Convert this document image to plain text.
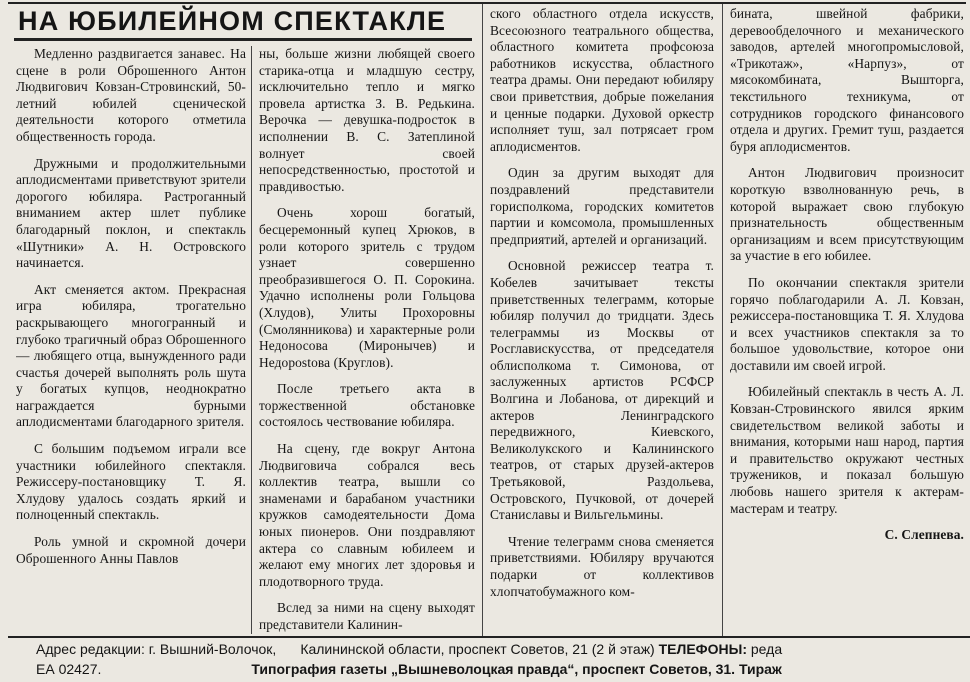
НА ЮБИЛЕЙНОМ СПЕКТАКЛЕ

Медленно раздвигается занавес. На сцене в роли Оброшенного Антон Людвигович Ковзан-Стровинский, 50-летний юбилей сценической деятельности которого отметила общественность города.

Дружными и продолжительными аплодисментами приветствуют зрители дорогого юбиляра. Растроганный вниманием актер шлет публике благодарный поклон, и спектакль «Шутники» А. Н. Островского начинается.

Акт сменяется актом. Прекрасная игра юбиляра, трогательно раскрывающего многогранный и глубоко трагичный образ Оброшенного — любящего отца, вынужденного ради счастья дочерей выполнять роль шута у богатых купцов, неоднократно награждается бурными аплодисментами благодарного зрителя.

С большим подъемом играли все участники юбилейного спектакля. Режиссеру-постановщику Т. Я. Хлудову удалось создать яркий и полноценный спектакль.

Роль умной и скромной дочери Оброшенного Анны Павлов

ны, больше жизни любящей своего старика-отца и младшую сестру, исключительно тепло и мягко провела артистка З. В. Редькина. Верочка — девушка-подросток в исполнении В. С. Затеплиной волнует своей непосредственностью, простотой и правдивостью.

Очень хорош богатый, бесцеремонный купец Хрюков, в роли которого зритель с трудом узнает совершенно преобразившегося О. П. Сорокина. Удачно исполнены роли Гольцова (Хлудов), Улиты Прохоровны (Смолянникова) и характерные роли Недоносова (Миронычев) и Недорostова (Круглов).

После третьего акта в торжественной обстановке состоялось чествование юбиляра.

На сцену, где вокруг Антона Людвиговича собрался весь коллектив театра, вышли со знаменами и барабаном участники кружков самодеятельности Дома юных пионеров. Они поздравляют актера со славным юбилеем и желают ему многих лет здоровья и плодотворного труда.

Вслед за ними на сцену выходят представители Калинин-

ского областного отдела искусств, Всесоюзного театрального общества, областного комитета профсоюза работников искусства, областного театра драмы. Они передают юбиляру свои приветствия, добрые пожелания и ценные подарки. Духовой оркестр исполняет туш, зал потрясает гром аплодисментов.

Один за другим выходят для поздравлений представители горисполкома, городских комитетов партии и комсомола, промышленных предприятий, артелей и организаций.

Основной режиссер театра т. Кобелев зачитывает тексты приветственных телеграмм, которые юбиляр получил до тридцати. Здесь телеграммы из Москвы от Росглавискусства, от председателя облисполкома т. Симонова, от заслуженных артистов РСФСР Волгина и Лобанова, от дирекций и актеров Ленинградского передвижного, Киевского, Великолукского и Калининского театров, от старых друзей-актеров Третьяковой, Раздольева, Островского, Пучковой, от дочерей Станиславы и Вильгельмины.

Чтение телеграмм снова сменяется приветствиями. Юбиляру вручаются подарки от коллективов хлопчатобумажного ком-

бината, швейной фабрики, деревообделочного и механического заводов, артелей многопромысловой, «Трикотаж», «Нарпуз», от мясокомбината, Вышторга, текстильного техникума, от сотрудников городского финансового отдела и других. Гремит туш, раздается буря аплодисментов.

Антон Людвигович произносит короткую взволнованную речь, в которой выражает свою глубокую признательность общественным организациям и всем присутствующим за участие в его юбилее.

По окончании спектакля зрители горячо поблагодарили А. Л. Ковзан, режиссера-постановщика Т. Я. Хлудова и всех участников спектакля за то большое удовольствие, которое они доставили им своей игрой.

Юбилейный спектакль в честь А. Л. Ковзан-Стровинского явился ярким свидетельством великой заботы и внимания, которыми наш народ, партия и правительство окружают честных тружеников, и показал большую любовь нашего зрителя к актерам-мастерам и театру.

С. Слепнева.
Адрес редакции: г. Вышний-Волочок, Калининской области, проспект Советов, 21 (2 й этаж) ТЕЛЕФОНЫ: реда
ЕА 02427.	Типография газеты „Вышневолоцкая правда“, проспект Советов, 31. Тираж
